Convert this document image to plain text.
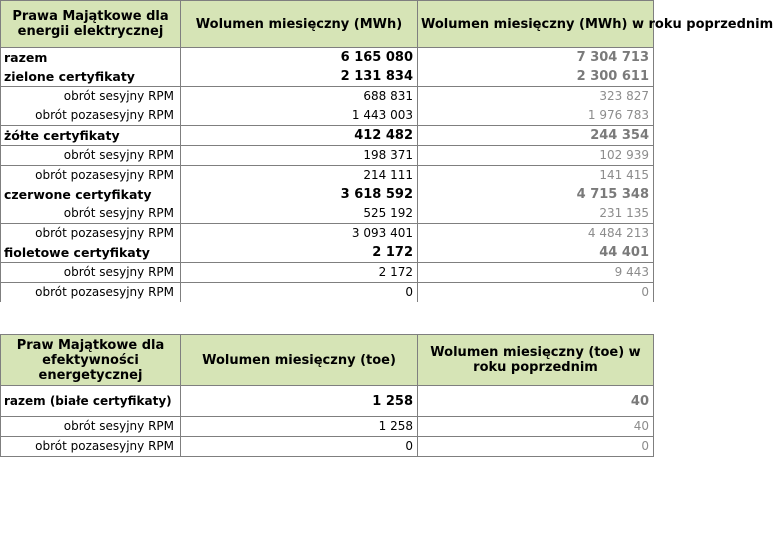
Prawa Majątkowe dla energii elektrycznej	Wolumen miesięczny (MWh)	Wolumen miesięczny (MWh) w roku poprzednim
razem	6 165 080	7 304 713
zielone certyfikaty	2 131 834	2 300 611
obrót sesyjny RPM	688 831	323 827
obrót pozasesyjny RPM	1 443 003	1 976 783
żółte certyfikaty	412 482	244 354
obrót sesyjny RPM	198 371	102 939
obrót pozasesyjny RPM	214 111	141 415
czerwone certyfikaty	3 618 592	4 715 348
obrót sesyjny RPM	525 192	231 135
obrót pozasesyjny RPM	3 093 401	4 484 213
fioletowe certyfikaty	2 172	44 401
obrót sesyjny RPM	2 172	9 443
obrót pozasesyjny RPM	0	0
Praw Majątkowe dla efektywności energetycznej	Wolumen miesięczny (toe)	Wolumen miesięczny (toe) w roku poprzednim
razem (białe certyfikaty)	1 258	40
obrót sesyjny RPM	1 258	40
obrót pozasesyjny RPM	0	0
